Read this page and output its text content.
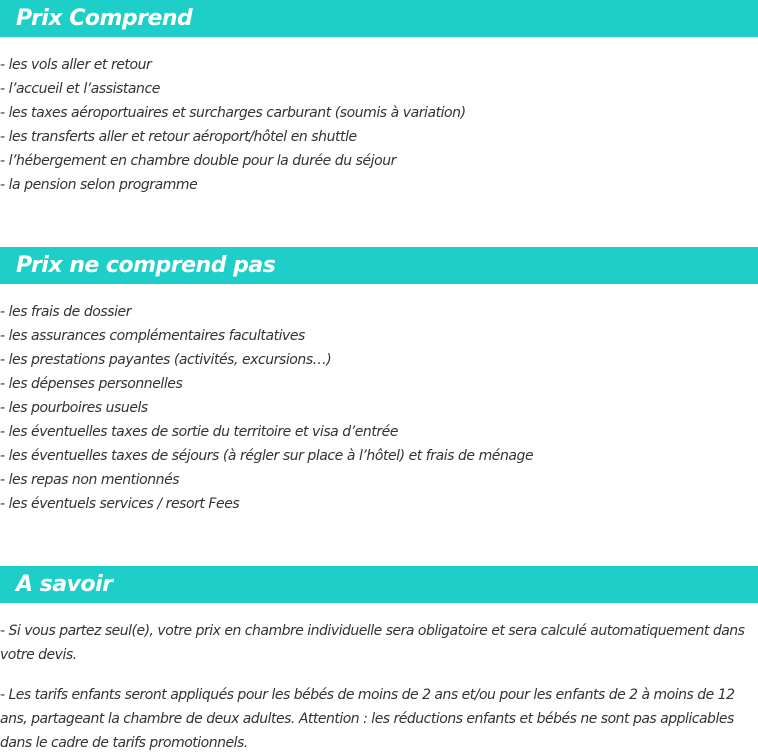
Prix Comprend
- les vols aller et retour
- l’accueil et l’assistance
- les taxes aéroportuaires et surcharges carburant (soumis à variation)
- les transferts aller et retour aéroport/hôtel en shuttle
- l’hébergement en chambre double pour la durée du séjour
- la pension selon programme
Prix ne comprend pas
- les frais de dossier
- les assurances complémentaires facultatives
- les prestations payantes (activités, excursions…)
- les dépenses personnelles
- les pourboires usuels
- les éventuelles taxes de sortie du territoire et visa d’entrée
- les éventuelles taxes de séjours (à régler sur place à l’hôtel) et frais de ménage
- les repas non mentionnés
- les éventuels services / resort Fees
A savoir

- Si vous partez seul(e), votre prix en chambre individuelle sera obligatoire et sera calculé automatiquement dans votre devis.

- Les tarifs enfants seront appliqués pour les bébés de moins de 2 ans et/ou pour les enfants de 2 à moins de 12 ans, partageant la chambre de deux adultes. Attention : les réductions enfants et bébés ne sont pas applicables dans le cadre de tarifs promotionnels.
